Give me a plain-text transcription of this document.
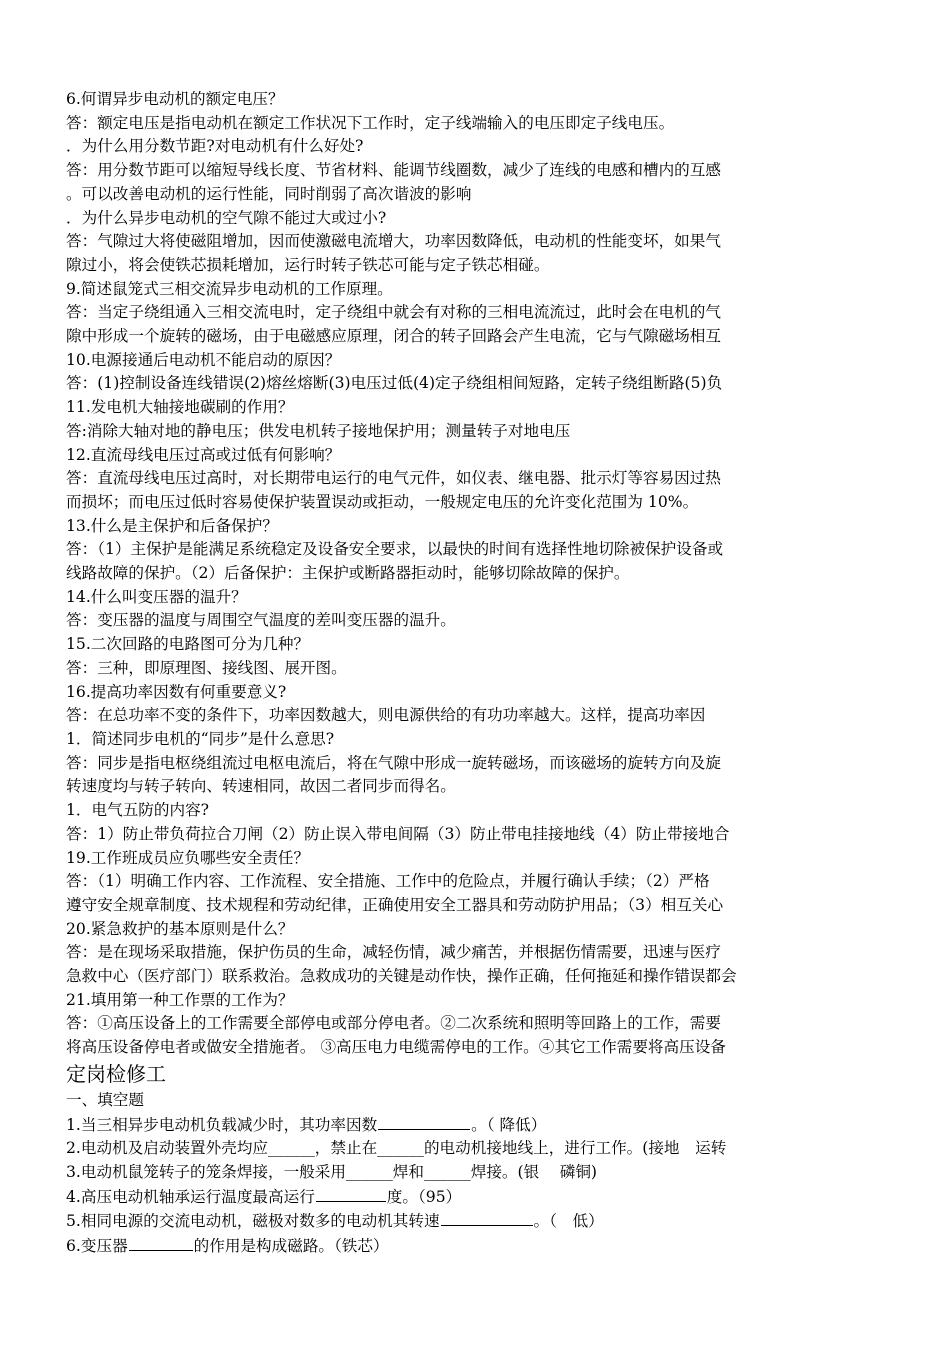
6.何谓异步电动机的额定电压？
答：额定电压是指电动机在额定工作状况下工作时，定子线端输入的电压即定子线电压。
．为什么用分数节距?对电动机有什么好处?
答：用分数节距可以缩短导线长度、节省材料、能调节线圈数，减少了连线的电感和槽内的互感
。可以改善电动机的运行性能，同时削弱了高次谐波的影响
．为什么异步电动机的空气隙不能过大或过小?
答：气隙过大将使磁阻增加，因而使激磁电流增大，功率因数降低，电动机的性能变坏，如果气
隙过小，将会使铁芯损耗增加，运行时转子铁芯可能与定子铁芯相碰。
9.简述鼠笼式三相交流异步电动机的工作原理。
答：当定子绕组通入三相交流电时，定子绕组中就会有对称的三相电流流过，此时会在电机的气
隙中形成一个旋转的磁场，由于电磁感应原理，闭合的转子回路会产生电流，它与气隙磁场相互
10.电源接通后电动机不能启动的原因？
答：(1)控制设备连线错误(2)熔丝熔断(3)电压过低(4)定子绕组相间短路，定转子绕组断路(5)负
11.发电机大轴接地碳刷的作用？
答:消除大轴对地的静电压；供发电机转子接地保护用；测量转子对地电压
12.直流母线电压过高或过低有何影响？
答：直流母线电压过高时，对长期带电运行的电气元件，如仪表、继电器、批示灯等容易因过热
而损坏；而电压过低时容易使保护装置误动或拒动，一般规定电压的允许变化范围为 10%。
13.什么是主保护和后备保护？
答：（1）主保护是能满足系统稳定及设备安全要求，以最快的时间有选择性地切除被保护设备或
线路故障的保护。（2）后备保护：主保护或断路器拒动时，能够切除故障的保护。
14.什么叫变压器的温升？
答：变压器的温度与周围空气温度的差叫变压器的温升。
15.二次回路的电路图可分为几种？
答：三种，即原理图、接线图、展开图。
16.提高功率因数有何重要意义?
答：在总功率不变的条件下，功率因数越大，则电源供给的有功功率越大。这样，提高功率因
1．简述同步电机的“同步”是什么意思?
答：同步是指电枢绕组流过电枢电流后，将在气隙中形成一旋转磁场，而该磁场的旋转方向及旋
转速度均与转子转向、转速相同，故因二者同步而得名。
1．电气五防的内容?
答：1）防止带负荷拉合刀闸（2）防止误入带电间隔（3）防止带电挂接地线（4）防止带接地合
19.工作班成员应负哪些安全责任？
答：（1）明确工作内容、工作流程、安全措施、工作中的危险点，并履行确认手续；（2）严格
遵守安全规章制度、技术规程和劳动纪律，正确使用安全工器具和劳动防护用品；（3）相互关心
20.紧急救护的基本原则是什么？
答：是在现场采取措施，保护伤员的生命，减轻伤情，减少痛苦，并根据伤情需要，迅速与医疗
急救中心（医疗部门）联系救治。急救成功的关键是动作快，操作正确，任何拖延和操作错误都会
21.填用第一种工作票的工作为？
答：①高压设备上的工作需要全部停电或部分停电者。②二次系统和照明等回路上的工作，需要
将高压设备停电者或做安全措施者。 ③高压电力电缆需停电的工作。④其它工作需要将高压设备
定岗检修工
一、填空题
1.当三相异步电动机负载减少时，其功率因数	。（ 降低）
2.电动机及启动装置外壳均应______，禁止在______的电动机接地线上，进行工作。(接地　运转
3.电动机鼠笼转子的笼条焊接，一般采用______焊和______焊接。(银　 磷铜)
4.高压电动机轴承运行温度最高运行	度。（95）
5.相同电源的交流电动机，磁极对数多的电动机其转速	。（　低）
6.变压器	的作用是构成磁路。（铁芯）
